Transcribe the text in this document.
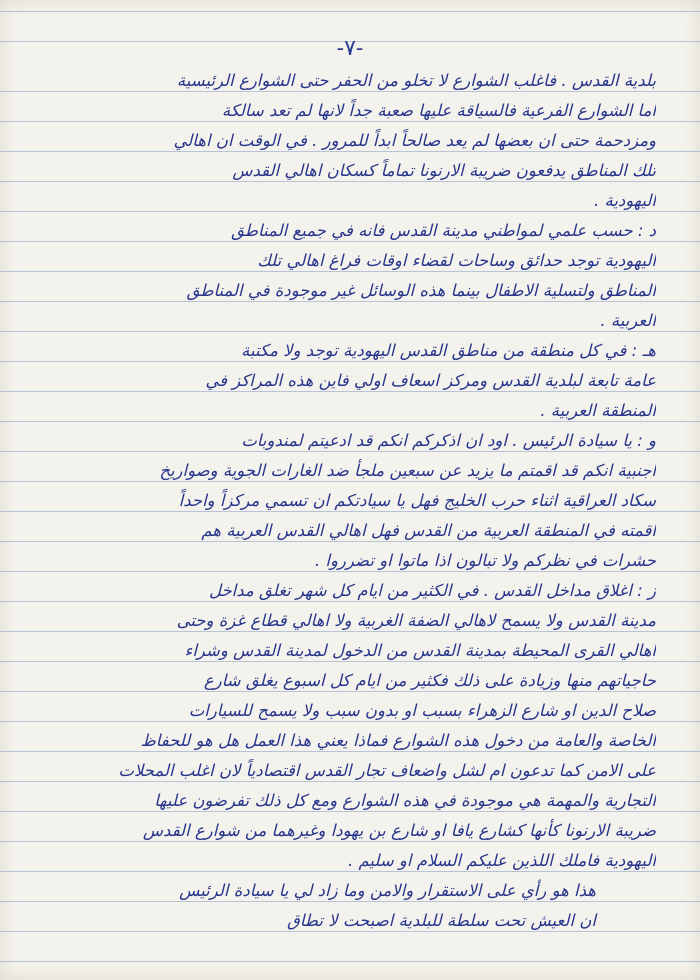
-٧-
بلدية القدس . فاغلب الشوارع لا تخلو من الحفر حتى الشوارع الرئيسية
اما الشوارع الفرعية فالسياقة عليها صعبة جداً لانها لم تعد سالكة
ومزدحمة حتى ان بعضها لم يعد صالحاً ابداً للمرور . في الوقت ان اهالي
تلك المناطق يدفعون ضريبة الارنونا تماماً كسكان اهالي القدس
اليهودية .
د : حسب علمي لمواطني مدينة القدس فانه في جميع المناطق
اليهودية توجد حدائق وساحات لقضاء اوقات فراغ اهالي تلك
المناطق ولتسلية الاطفال بينما هذه الوسائل غير موجودة في المناطق
العربية .
هـ : في كل منطقة من مناطق القدس اليهودية توجد ولا مكتبة
عامة تابعة لبلدية القدس ومركز اسعاف اولي فاين هذه المراكز في
المنطقة العربية .
و : يا سيادة الرئيس . اود ان اذكركم انكم قد ادعيتم لمندوبات
اجنبية انكم قد اقمتم ما يزيد عن سبعين ملجأ ضد الغارات الجوية وصواريخ
سكاد العراقية اثناء حرب الخليج فهل يا سيادتكم ان تسمي مركزاً واحداً
اقمته في المنطقة العربية من القدس فهل اهالي القدس العربية هم
حشرات في نظركم ولا تبالون اذا ماتوا او تضرروا .
ز : اغلاق مداخل القدس . في الكثير من ايام كل شهر تغلق مداخل
مدينة القدس ولا يسمح لاهالي الضفة الغربية ولا اهالي قطاع غزة وحتى
اهالي القرى المحيطة بمدينة القدس من الدخول لمدينة القدس وشراء
حاجياتهم منها وزيادة على ذلك فكثير من ايام كل اسبوع يغلق شارع
صلاح الدين او شارع الزهراء بسبب او بدون سبب ولا يسمح للسيارات
الخاصة والعامة من دخول هذه الشوارع فماذا يعني هذا العمل هل هو للحفاظ
على الامن كما تدعون ام لشل واضعاف تجار القدس اقتصادياً لان اغلب المحلات
التجارية والمهمة هي موجودة في هذه الشوارع ومع كل ذلك تفرضون عليها
ضريبة الارنونا كأنها كشارع يافا او شارع بن يهودا وغيرهما من شوارع القدس
اليهودية فاملك اللذين عليكم السلام او سليم .
هذا هو رأي على الاستقرار والامن وما زاد لي يا سيادة الرئيس
ان العيش تحت سلطة للبلدية اصبحت لا تطاق
